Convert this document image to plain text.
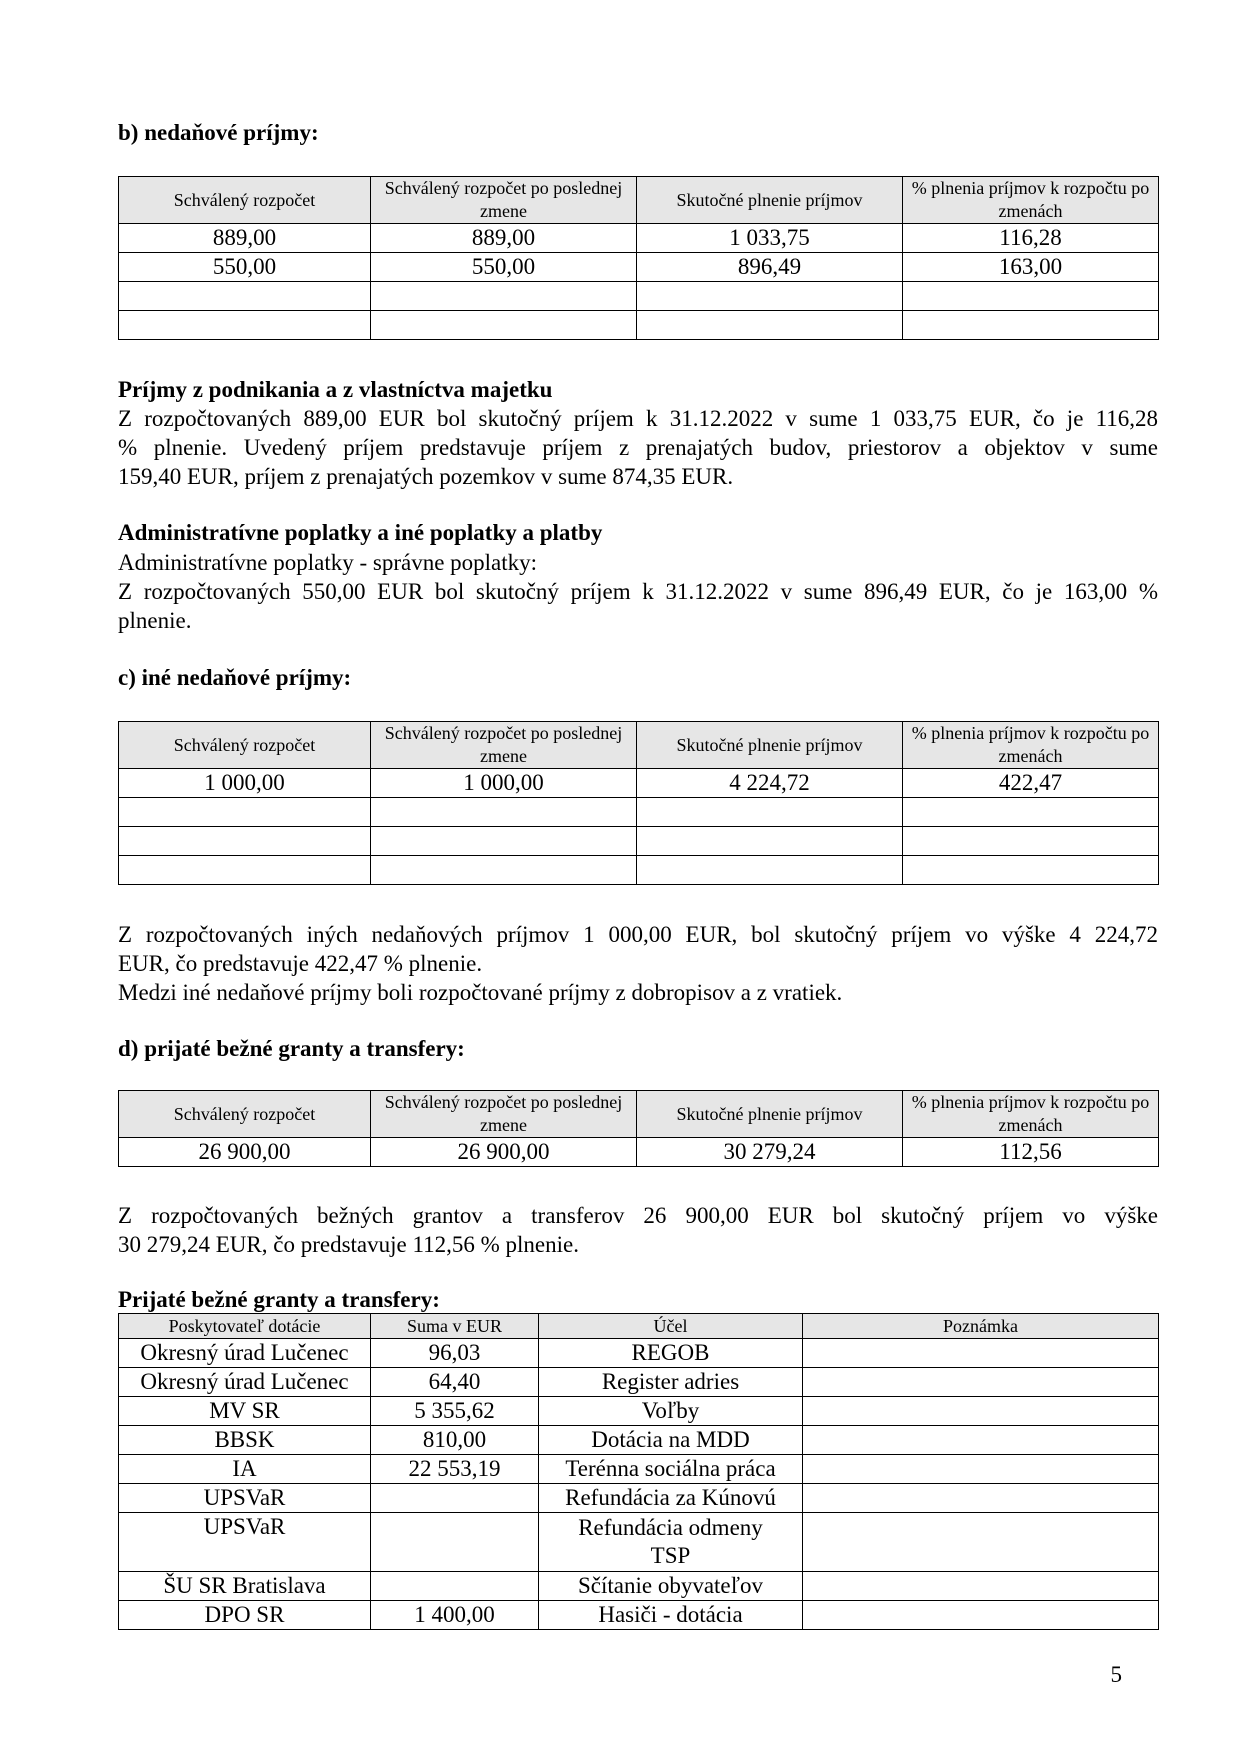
b) nedaňové príjmy:
Schválený rozpočet	Schválený rozpočet po poslednej zmene	Skutočné plnenie príjmov	% plnenia príjmov k rozpočtu po zmenách
889,00	889,00	1 033,75	116,28
550,00	550,00	896,49	163,00

Príjmy z podnikania a z vlastníctva majetku
Z rozpočtovaných 889,00 EUR bol skutočný príjem k 31.12.2022 v sume 1 033,75 EUR, čo je 116,28
% plnenie. Uvedený príjem predstavuje príjem z prenajatých budov, priestorov a objektov v sume
159,40 EUR, príjem z prenajatých pozemkov v sume 874,35 EUR.
Administratívne poplatky a iné poplatky a platby
Administratívne poplatky - správne poplatky:
Z rozpočtovaných 550,00 EUR bol skutočný príjem k 31.12.2022 v sume 896,49 EUR, čo je 163,00 %
plnenie.
c) iné nedaňové príjmy:
Schválený rozpočet	Schválený rozpočet po poslednej zmene	Skutočné plnenie príjmov	% plnenia príjmov k rozpočtu po zmenách
1 000,00	1 000,00	4 224,72	422,47

Z rozpočtovaných iných nedaňových príjmov 1 000,00 EUR, bol skutočný príjem vo výške 4 224,72
EUR, čo predstavuje 422,47 % plnenie.
Medzi iné nedaňové príjmy boli rozpočtované príjmy z dobropisov a z vratiek.
d) prijaté bežné granty a transfery:
Schválený rozpočet	Schválený rozpočet po poslednej zmene	Skutočné plnenie príjmov	% plnenia príjmov k rozpočtu po zmenách
26 900,00	26 900,00	30 279,24	112,56
Z rozpočtovaných bežných grantov a transferov 26 900,00 EUR bol skutočný príjem vo výške
30 279,24 EUR, čo predstavuje 112,56 % plnenie.
Prijaté bežné granty a transfery:
Poskytovateľ dotácie	Suma v EUR	Účel	Poznámka
Okresný úrad Lučenec	96,03	REGOB	
Okresný úrad Lučenec	64,40	Register adries	
MV SR	5 355,62	Voľby	
BBSK	810,00	Dotácia na MDD	
IA	22 553,19	Terénna sociálna práca	
UPSVaR		Refundácia za Kúnovú	
UPSVaR		Refundácia odmeny TSP	
ŠU SR Bratislava		Sčítanie obyvateľov	
DPO SR	1 400,00	Hasiči - dotácia	
5
